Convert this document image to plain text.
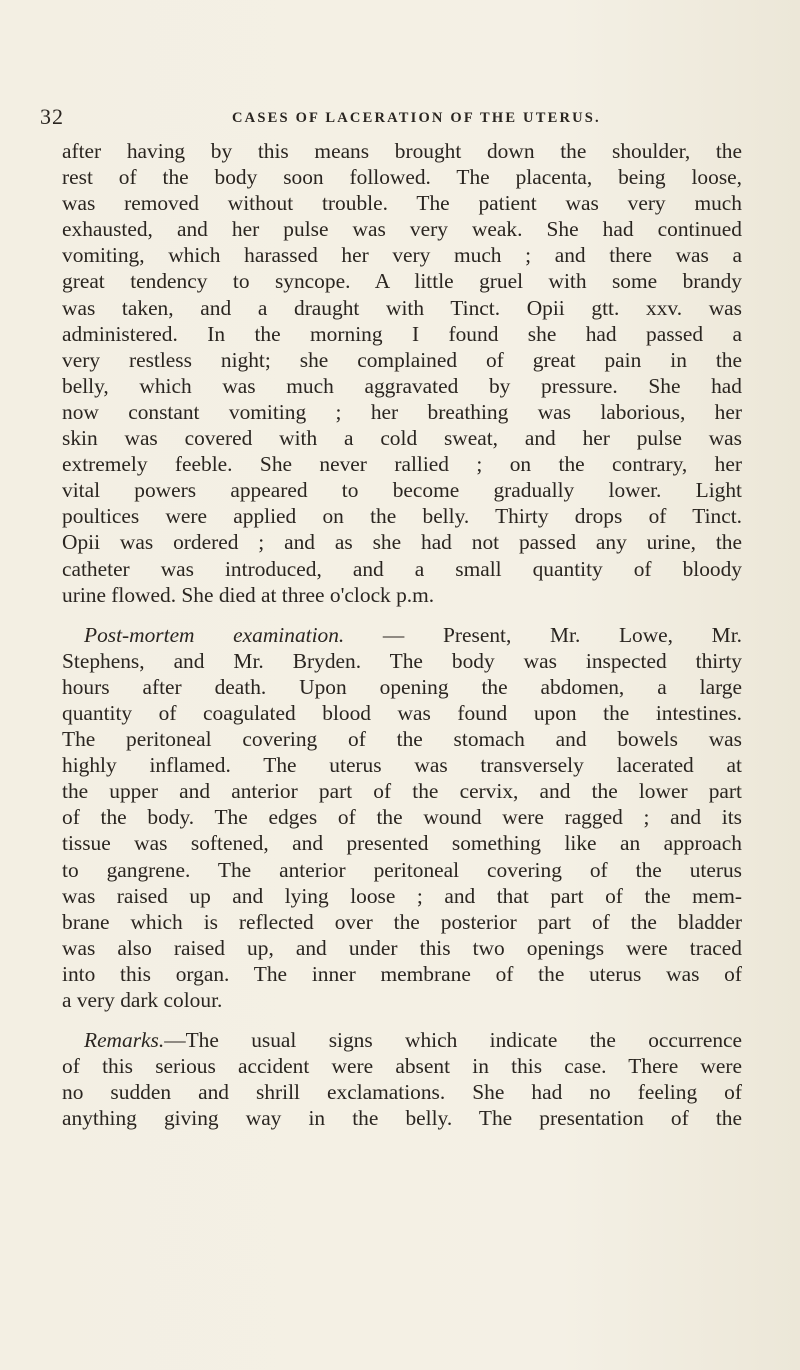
32	CASES OF LACERATION OF THE UTERUS.
after having by this means brought down the shoulder, the
rest of the body soon followed. The placenta, being loose,
was removed without trouble. The patient was very much
exhausted, and her pulse was very weak. She had continued
vomiting, which harassed her very much ; and there was a
great tendency to syncope. A little gruel with some brandy
was taken, and a draught with Tinct. Opii gtt. xxv. was
administered. In the morning I found she had passed a
very restless night; she complained of great pain in the
belly, which was much aggravated by pressure. She had
now constant vomiting ; her breathing was laborious, her
skin was covered with a cold sweat, and her pulse was
extremely feeble. She never rallied ; on the contrary, her
vital powers appeared to become gradually lower. Light
poultices were applied on the belly. Thirty drops of Tinct.
Opii was ordered ; and as she had not passed any urine, the
catheter was introduced, and a small quantity of bloody
urine flowed. She died at three o'clock p.m.
Post-mortem examination. — Present, Mr. Lowe, Mr.
Stephens, and Mr. Bryden. The body was inspected thirty
hours after death. Upon opening the abdomen, a large
quantity of coagulated blood was found upon the intestines.
The peritoneal covering of the stomach and bowels was
highly inflamed. The uterus was transversely lacerated at
the upper and anterior part of the cervix, and the lower part
of the body. The edges of the wound were ragged ; and its
tissue was softened, and presented something like an approach
to gangrene. The anterior peritoneal covering of the uterus
was raised up and lying loose ; and that part of the mem-
brane which is reflected over the posterior part of the bladder
was also raised up, and under this two openings were traced
into this organ. The inner membrane of the uterus was of
a very dark colour.
Remarks.—The usual signs which indicate the occurrence
of this serious accident were absent in this case. There were
no sudden and shrill exclamations. She had no feeling of
anything giving way in the belly. The presentation of the
